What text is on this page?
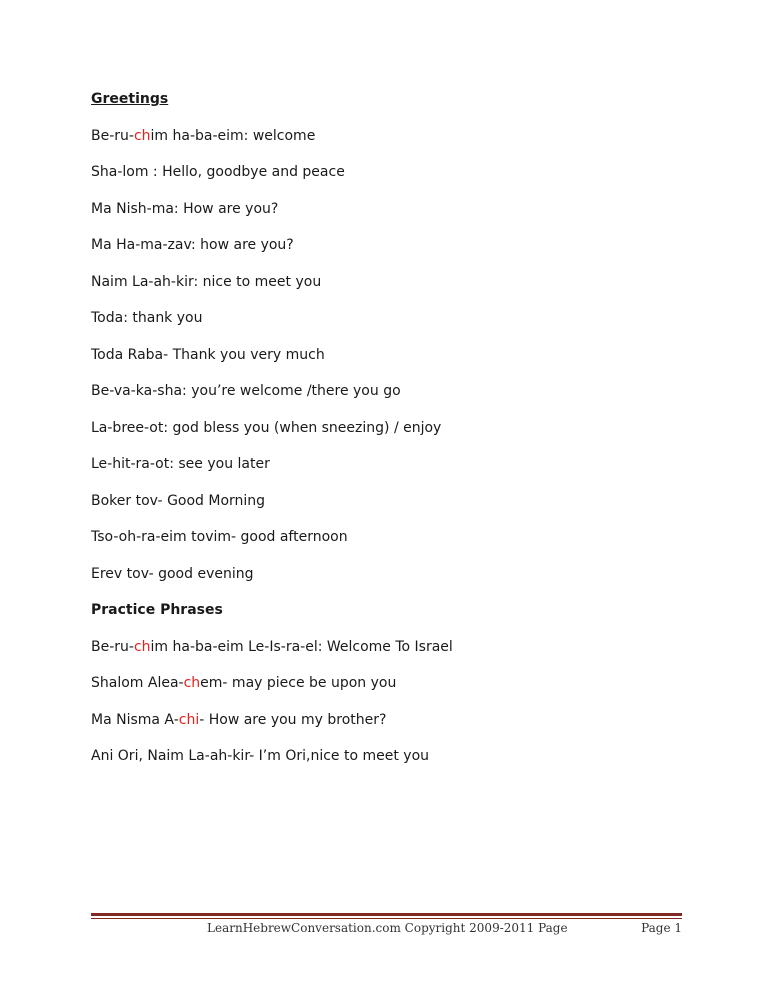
Greetings
Be-ru-chim ha-ba-eim: welcome
Sha-lom : Hello, goodbye and peace
Ma Nish-ma: How are you?
Ma Ha-ma-zav: how are you?
Naim La-ah-kir: nice to meet you
Toda: thank you
Toda Raba- Thank you very much
Be-va-ka-sha: you’re welcome /there you go
La-bree-ot: god bless you (when sneezing) / enjoy
Le-hit-ra-ot: see you later
Boker tov- Good Morning
Tso-oh-ra-eim tovim- good afternoon
Erev tov- good evening
Practice Phrases
Be-ru-chim ha-ba-eim Le-Is-ra-el: Welcome To Israel
Shalom Alea-chem- may piece be upon you
Ma Nisma A-chi- How are you my brother?
Ani Ori, Naim La-ah-kir- I’m Ori,nice to meet you
LearnHebrewConversation.com Copyright 2009-2011 Page	Page 1
